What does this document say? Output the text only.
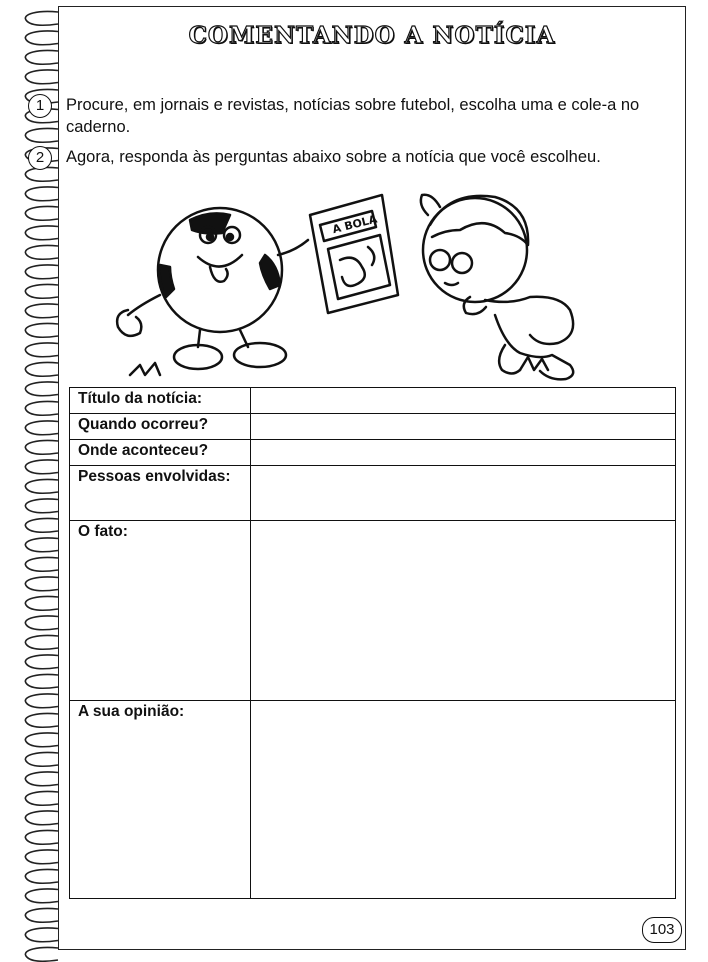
COMENTANDO A NOTÍCIA
1	Procure, em jornais e revistas, notícias sobre futebol, escolha uma e cole-a no caderno.
2	Agora, responda às perguntas abaixo sobre a notícia que você escolheu.
A BOLA
Título da notícia:	
Quando ocorreu?	
Onde aconteceu?	
Pessoas envolvidas:	
O fato:	
A sua opinião:	
103
